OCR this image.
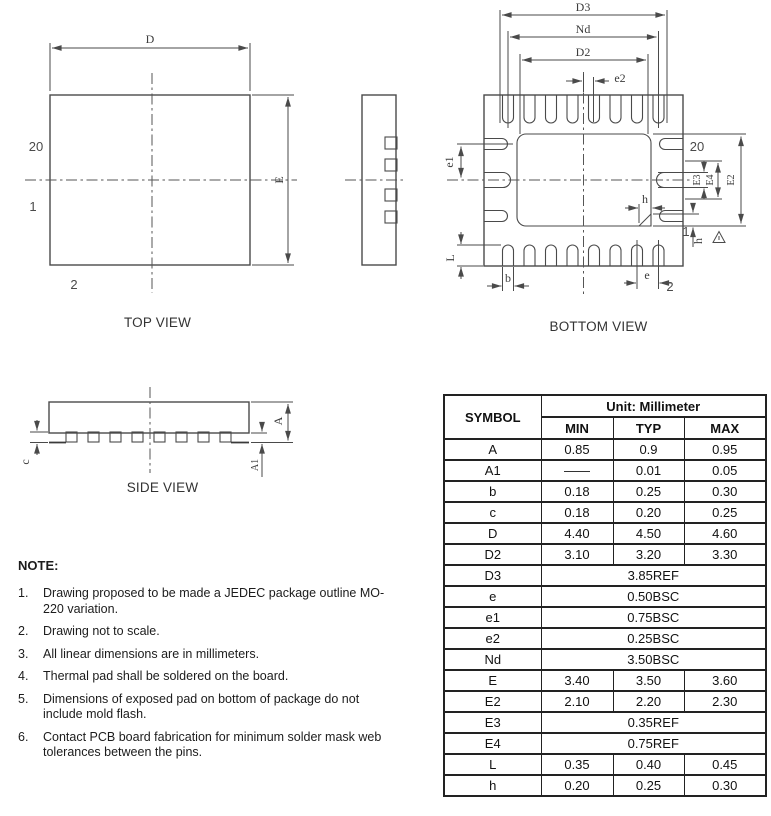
D
E
20
1
2
D3
Nd
D2
e2
e1
L
b	e
h
h
E3 E4 E2
20
1
2
A
A1
c
TOP VIEW	BOTTOM VIEW
SIDE VIEW
NOTE:
1.	Drawing proposed to be made a JEDEC package outline MO-220 variation.
2.	Drawing not to scale.
3.	All linear dimensions are in millimeters.
4.	Thermal pad shall be soldered on the board.
5.	Dimensions of exposed pad on bottom of package do not include mold flash.
6.	Contact PCB board fabrication for minimum solder mask web tolerances between the pins.
SYMBOL	Unit: Millimeter		
	MIN	TYP	MAX
A	0.85	0.9	0.95
A1	——	0.01	0.05
b	0.18	0.25	0.30
c	0.18	0.20	0.25
D	4.40	4.50	4.60
D2	3.10	3.20	3.30
D3	3.85REF		
e	0.50BSC		
e1	0.75BSC		
e2	0.25BSC		
Nd	3.50BSC		
E	3.40	3.50	3.60
E2	2.10	2.20	2.30
E3	0.35REF		
E4	0.75REF		
L	0.35	0.40	0.45
h	0.20	0.25	0.30
